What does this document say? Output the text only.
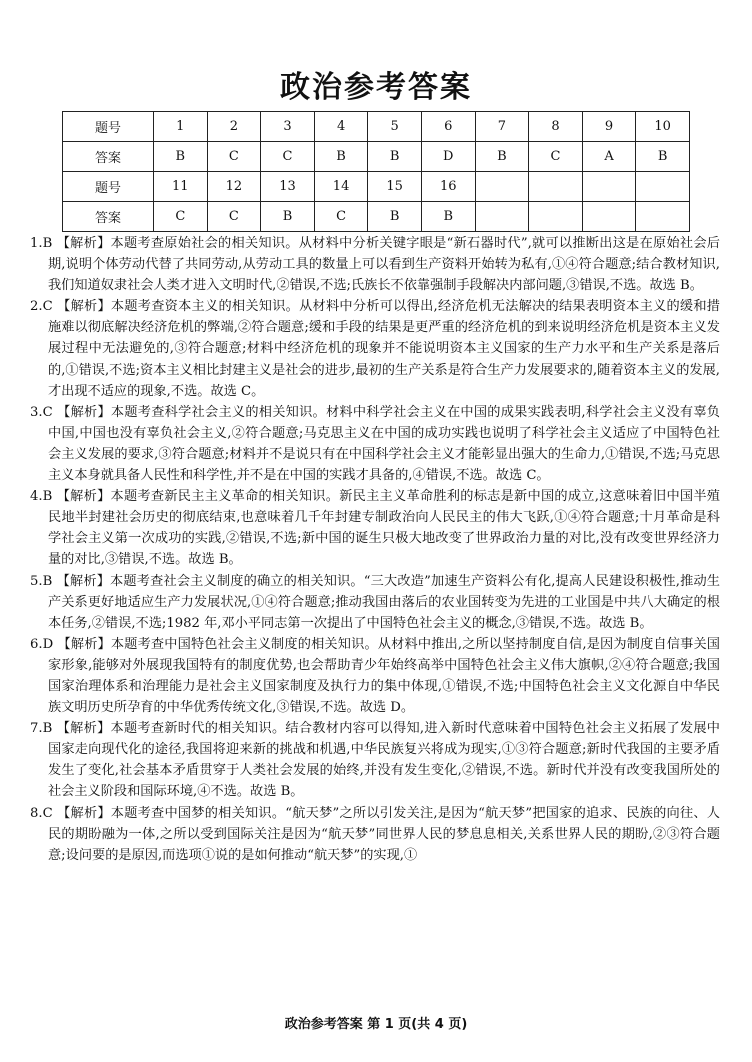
政治参考答案
题号	1	2	3	4	5	6	7	8	9	10
答案	B	C	C	B	B	D	B	C	A	B
题号	11	12	13	14	15	16				
答案	C	C	B	C	B	B				

1.B 【解析】本题考查原始社会的相关知识。从材料中分析关键字眼是“新石器时代”,就可以推断出这是在原始社会后期,说明个体劳动代替了共同劳动,从劳动工具的数量上可以看到生产资料开始转为私有,①④符合题意;结合教材知识,我们知道奴隶社会人类才进入文明时代,②错误,不选;氏族长不依靠强制手段解决内部问题,③错误,不选。故选 B。

2.C 【解析】本题考查资本主义的相关知识。从材料中分析可以得出,经济危机无法解决的结果表明资本主义的缓和措施难以彻底解决经济危机的弊端,②符合题意;缓和手段的结果是更严重的经济危机的到来说明经济危机是资本主义发展过程中无法避免的,③符合题意;材料中经济危机的现象并不能说明资本主义国家的生产力水平和生产关系是落后的,①错误,不选;资本主义相比封建主义是社会的进步,最初的生产关系是符合生产力发展要求的,随着资本主义的发展,才出现不适应的现象,不选。故选 C。

3.C 【解析】本题考查科学社会主义的相关知识。材料中科学社会主义在中国的成果实践表明,科学社会主义没有辜负中国,中国也没有辜负社会主义,②符合题意;马克思主义在中国的成功实践也说明了科学社会主义适应了中国特色社会主义发展的要求,③符合题意;材料并不是说只有在中国科学社会主义才能彰显出强大的生命力,①错误,不选;马克思主义本身就具备人民性和科学性,并不是在中国的实践才具备的,④错误,不选。故选 C。

4.B 【解析】本题考查新民主主义革命的相关知识。新民主主义革命胜利的标志是新中国的成立,这意味着旧中国半殖民地半封建社会历史的彻底结束,也意味着几千年封建专制政治向人民民主的伟大飞跃,①④符合题意;十月革命是科学社会主义第一次成功的实践,②错误,不选;新中国的诞生只极大地改变了世界政治力量的对比,没有改变世界经济力量的对比,③错误,不选。故选 B。

5.B 【解析】本题考查社会主义制度的确立的相关知识。“三大改造”加速生产资料公有化,提高人民建设积极性,推动生产关系更好地适应生产力发展状况,①④符合题意;推动我国由落后的农业国转变为先进的工业国是中共八大确定的根本任务,②错误,不选;1982 年,邓小平同志第一次提出了中国特色社会主义的概念,③错误,不选。故选 B。

6.D 【解析】本题考查中国特色社会主义制度的相关知识。从材料中推出,之所以坚持制度自信,是因为制度自信事关国家形象,能够对外展现我国特有的制度优势,也会帮助青少年始终高举中国特色社会主义伟大旗帜,②④符合题意;我国国家治理体系和治理能力是社会主义国家制度及执行力的集中体现,①错误,不选;中国特色社会主义文化源自中华民族文明历史所孕育的中华优秀传统文化,③错误,不选。故选 D。

7.B 【解析】本题考查新时代的相关知识。结合教材内容可以得知,进入新时代意味着中国特色社会主义拓展了发展中国家走向现代化的途径,我国将迎来新的挑战和机遇,中华民族复兴将成为现实,①③符合题意;新时代我国的主要矛盾发生了变化,社会基本矛盾贯穿于人类社会发展的始终,并没有发生变化,②错误,不选。新时代并没有改变我国所处的社会主义阶段和国际环境,④不选。故选 B。

8.C 【解析】本题考查中国梦的相关知识。“航天梦”之所以引发关注,是因为“航天梦”把国家的追求、民族的向往、人民的期盼融为一体,之所以受到国际关注是因为“航天梦”同世界人民的梦息息相关,关系世界人民的期盼,②③符合题意;设问要的是原因,而选项①说的是如何推动“航天梦”的实现,①

政治参考答案 第 1 页(共 4 页)
